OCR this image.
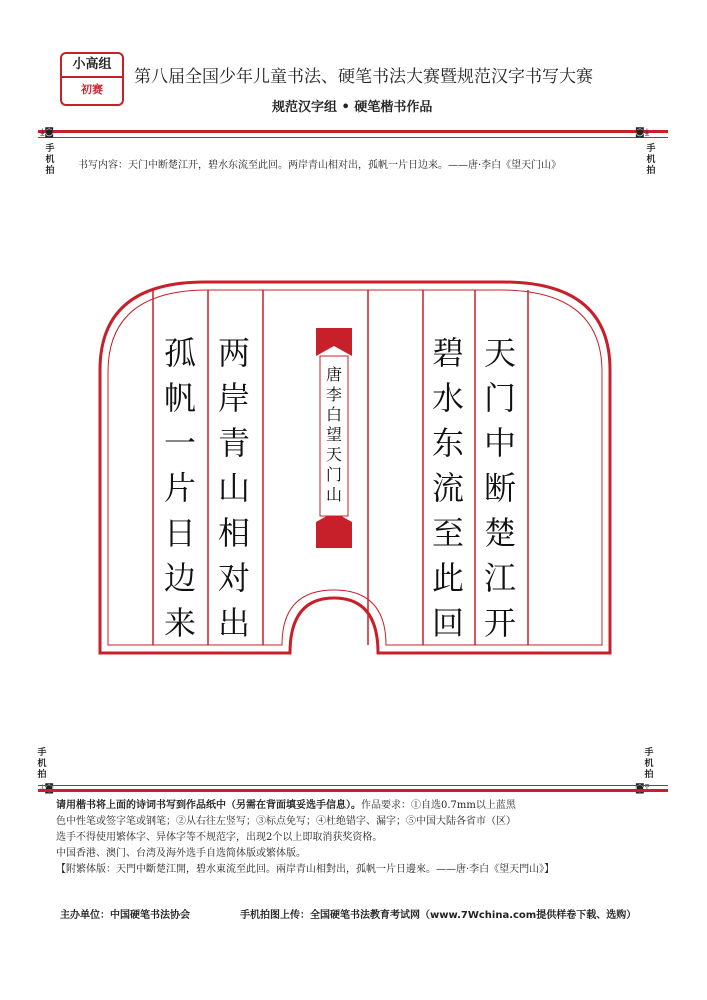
小高组
初赛
第八届全国少年儿童书法、硬笔书法大赛暨规范汉字书写大赛
规范汉字组 • 硬笔楷书作品
⤓◙
手机拍
◙⤓
手机拍
书写内容：天门中断楚江开，碧水东流至此回。两岸青山相对出，孤帆一片日边来。——唐·李白《望天门山》
天
门
中
断
楚
江
开
碧
水
东
流
至
此
回
两
岸
青
山
相
对
出
孤
帆
一
片
日
边
来
唐
李
白
望
天
门
山
手机拍
手机拍
请用楷书将上面的诗词书写到作品纸中（另需在背面填妥选手信息）。作品要求：①自选0.7mm以上蓝黑
色中性笔或签字笔或钢笔；②从右往左竖写；③标点免写；④杜绝错字、漏字；⑤中国大陆各省市（区）
选手不得使用繁体字、异体字等不规范字，出现2个以上即取消获奖资格。
中国香港、澳门、台湾及海外选手自选简体版或繁体版。
【附繁体版：天門中斷楚江開，碧水東流至此回。兩岸青山相對出，孤帆一片日邊來。——唐·李白《望天門山》】
主办单位：中国硬笔书法协会	手机拍图上传：全国硬笔书法教育考试网（www.7Wchina.com提供样卷下载、选购）
